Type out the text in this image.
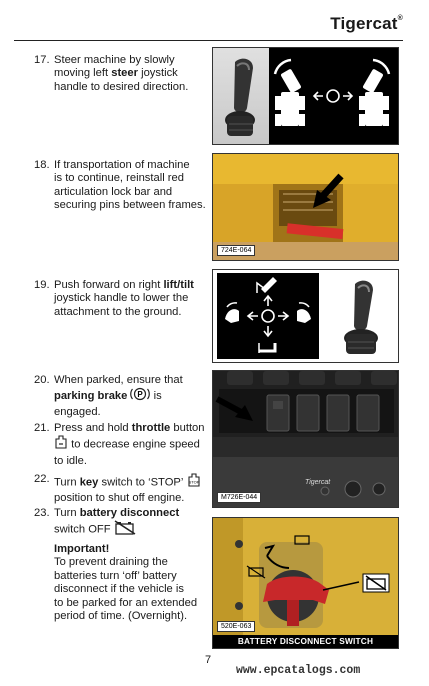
Tigercat®
17. Steer machine by slowly
moving left steer joystick
handle to desired direction.
18. If transportation of machine
is to continue, reinstall red
articulation lock bar and
securing pins between frames.
724E-064
19. Push forward on right lift/tilt
joystick handle to lower the
attachment to the ground.
20. When parked, ensure that
parking brake P is
engaged.
21. Press and hold throttle button
to decrease engine speed
to idle.
22. Turn key switch to ‘STOP’ STOP
position to shut off engine.
23. Turn battery disconnect
switch OFF
Important!
To prevent draining the
batteries turn ‘off’ battery
disconnect if the vehicle is
to be parked for an extended
period of time. (Overnight).
Tigercat
M726E-044
520E-063
BATTERY DISCONNECT SWITCH
7
www.epcatalogs.com
